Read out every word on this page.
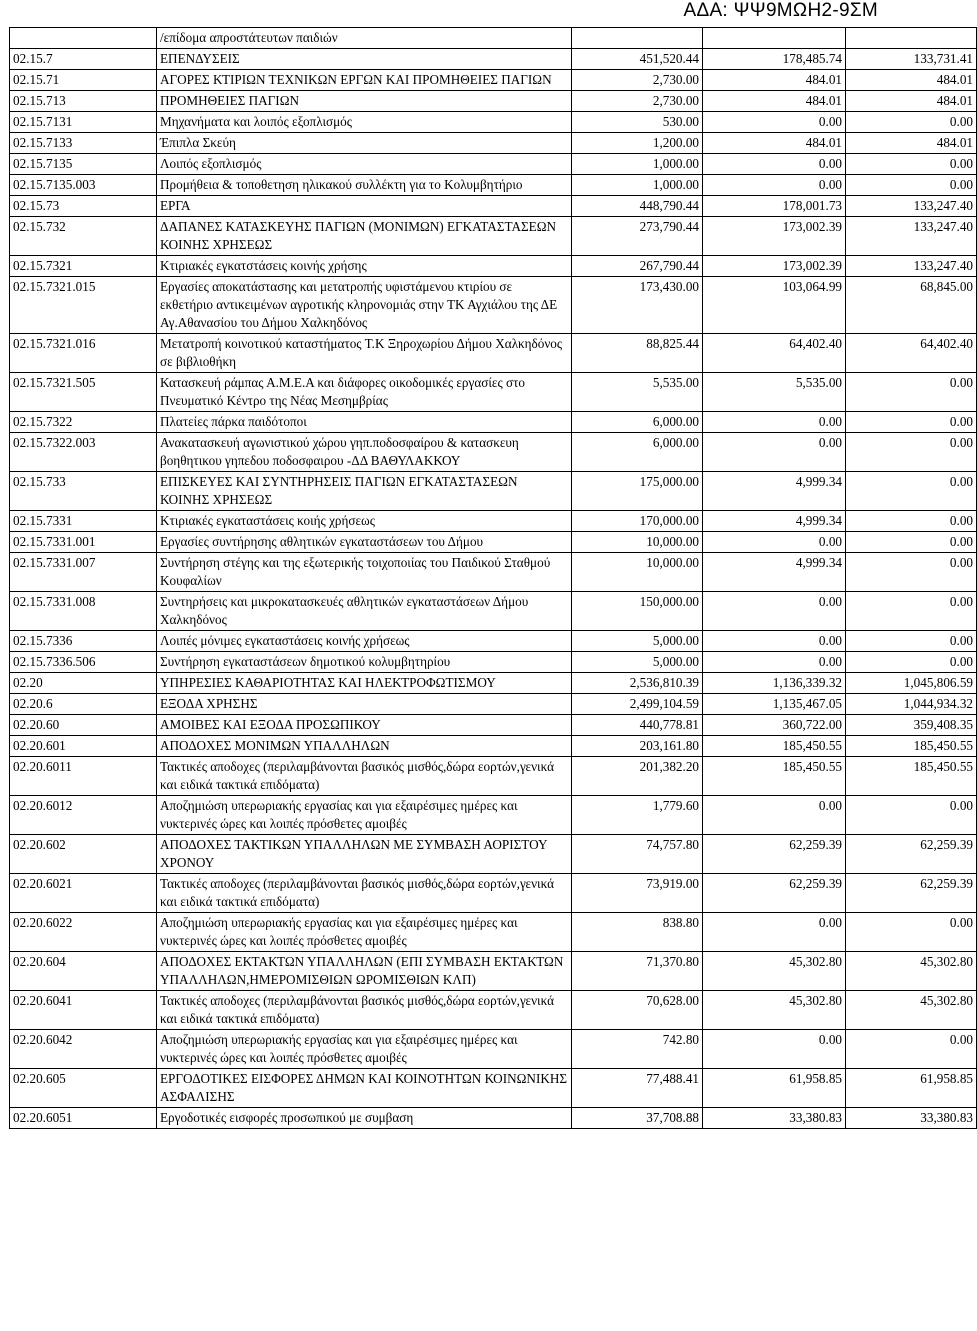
ΑΔΑ: ΨΨ9ΜΩΗ2-9ΣΜ
	/επίδομα απροστάτευτων παιδιών			
02.15.7	ΕΠΕΝΔΥΣΕΙΣ	451,520.44	178,485.74	133,731.41
02.15.71	ΑΓΟΡΕΣ ΚΤΙΡΙΩΝ ΤΕΧΝΙΚΩΝ ΕΡΓΩΝ ΚΑΙ ΠΡΟΜΗΘΕΙΕΣ ΠΑΓΙΩΝ	2,730.00	484.01	484.01
02.15.713	ΠΡΟΜΗΘΕΙΕΣ ΠΑΓΙΩΝ	2,730.00	484.01	484.01
02.15.7131	Μηχανήματα και λοιπός εξοπλισμός	530.00	0.00	0.00
02.15.7133	Έπιπλα Σκεύη	1,200.00	484.01	484.01
02.15.7135	Λοιπός εξοπλισμός	1,000.00	0.00	0.00
02.15.7135.003	Προμήθεια & τοποθετηση ηλικακού συλλέκτη για το Κολυμβητήριο	1,000.00	0.00	0.00
02.15.73	ΕΡΓΑ	448,790.44	178,001.73	133,247.40
02.15.732	ΔΑΠΑΝΕΣ ΚΑΤΑΣΚΕΥΗΣ ΠΑΓΙΩΝ (ΜΟΝΙΜΩΝ) ΕΓΚΑΤΑΣΤΑΣΕΩΝ ΚΟΙΝΗΣ ΧΡΗΣΕΩΣ	273,790.44	173,002.39	133,247.40
02.15.7321	Κτιριακές εγκατστάσεις κοινής χρήσης	267,790.44	173,002.39	133,247.40
02.15.7321.015	Εργασίες αποκατάστασης και μετατροπής υφιστάμενου κτιρίου σε εκθετήριο αντικειμένων αγροτικής κληρονομιάς στην ΤΚ Αγχιάλου της ΔΕ Αγ.Αθανασίου του Δήμου Χαλκηδόνος	173,430.00	103,064.99	68,845.00
02.15.7321.016	Μετατροπή κοινοτικού καταστήματος Τ.Κ Ξηροχωρίου Δήμου Χαλκηδόνος σε βιβλιοθήκη	88,825.44	64,402.40	64,402.40
02.15.7321.505	Κατασκευή ράμπας Α.Μ.Ε.Α και διάφορες οικοδομικές εργασίες στο Πνευματικό Κέντρο της Νέας Μεσημβρίας	5,535.00	5,535.00	0.00
02.15.7322	Πλατείες πάρκα παιδότοποι	6,000.00	0.00	0.00
02.15.7322.003	Ανακατασκευή αγωνιστικού χώρου γηπ.ποδοσφαίρου & κατασκευη βοηθητικου γηπεδου ποδοσφαιρου -ΔΔ ΒΑΘΥΛΑΚΚΟΥ	6,000.00	0.00	0.00
02.15.733	ΕΠΙΣΚΕΥΕΣ ΚΑΙ ΣΥΝΤΗΡΗΣΕΙΣ ΠΑΓΙΩΝ ΕΓΚΑΤΑΣΤΑΣΕΩΝ ΚΟΙΝΗΣ ΧΡΗΣΕΩΣ	175,000.00	4,999.34	0.00
02.15.7331	Κτιριακές εγκαταστάσεις κοιής χρήσεως	170,000.00	4,999.34	0.00
02.15.7331.001	Εργασίες συντήρησης αθλητικών εγκαταστάσεων του Δήμου	10,000.00	0.00	0.00
02.15.7331.007	Συντήρηση στέγης και της εξωτερικής τοιχοποιίας του Παιδικού Σταθμού Κουφαλίων	10,000.00	4,999.34	0.00
02.15.7331.008	Συντηρήσεις και μικροκατασκευές αθλητικών εγκαταστάσεων Δήμου Χαλκηδόνος	150,000.00	0.00	0.00
02.15.7336	Λοιπές μόνιμες εγκαταστάσεις κοινής χρήσεως	5,000.00	0.00	0.00
02.15.7336.506	Συντήρηση εγκαταστάσεων δημοτικού κολυμβητηρίου	5,000.00	0.00	0.00
02.20	ΥΠΗΡΕΣΙΕΣ ΚΑΘΑΡΙΟΤΗΤΑΣ ΚΑΙ ΗΛΕΚΤΡΟΦΩΤΙΣΜΟΥ	2,536,810.39	1,136,339.32	1,045,806.59
02.20.6	ΕΞΟΔΑ ΧΡΗΣΗΣ	2,499,104.59	1,135,467.05	1,044,934.32
02.20.60	ΑΜΟΙΒΕΣ ΚΑΙ ΕΞΟΔΑ ΠΡΟΣΩΠΙΚΟΥ	440,778.81	360,722.00	359,408.35
02.20.601	ΑΠΟΔΟΧΕΣ ΜΟΝΙΜΩΝ ΥΠΑΛΛΗΛΩΝ	203,161.80	185,450.55	185,450.55
02.20.6011	Τακτικές αποδοχες (περιλαμβάνονται βασικός μισθός,δώρα εορτών,γενικά και ειδικά τακτικά επιδόματα)	201,382.20	185,450.55	185,450.55
02.20.6012	Αποζημιώση υπερωριακής εργασίας και για εξαιρέσιμες ημέρες και νυκτερινές ώρες και λοιπές πρόσθετες αμοιβές	1,779.60	0.00	0.00
02.20.602	ΑΠΟΔΟΧΕΣ ΤΑΚΤΙΚΩΝ ΥΠΑΛΛΗΛΩΝ ΜΕ ΣΥΜΒΑΣΗ ΑΟΡΙΣΤΟΥ ΧΡΟΝΟΥ	74,757.80	62,259.39	62,259.39
02.20.6021	Τακτικές αποδοχες (περιλαμβάνονται βασικός μισθός,δώρα εορτών,γενικά και ειδικά τακτικά επιδόματα)	73,919.00	62,259.39	62,259.39
02.20.6022	Αποζημιώση υπερωριακής εργασίας και για εξαιρέσιμες ημέρες και νυκτερινές ώρες και λοιπές πρόσθετες αμοιβές	838.80	0.00	0.00
02.20.604	ΑΠΟΔΟΧΕΣ ΕΚΤΑΚΤΩΝ ΥΠΑΛΛΗΛΩΝ (ΕΠΙ ΣΥΜΒΑΣΗ ΕΚΤΑΚΤΩΝ ΥΠΑΛΛΗΛΩΝ,ΗΜΕΡΟΜΙΣΘΙΩΝ ΩΡΟΜΙΣΘΙΩΝ ΚΛΠ)	71,370.80	45,302.80	45,302.80
02.20.6041	Τακτικές αποδοχες (περιλαμβάνονται βασικός μισθός,δώρα εορτών,γενικά και ειδικά τακτικά επιδόματα)	70,628.00	45,302.80	45,302.80
02.20.6042	Αποζημιώση υπερωριακής εργασίας και για εξαιρέσιμες ημέρες και νυκτερινές ώρες και λοιπές πρόσθετες αμοιβές	742.80	0.00	0.00
02.20.605	ΕΡΓΟΔΟΤΙΚΕΣ ΕΙΣΦΟΡΕΣ ΔΗΜΩΝ ΚΑΙ ΚΟΙΝΟΤΗΤΩΝ ΚΟΙΝΩΝΙΚΗΣ ΑΣΦΑΛΙΣΗΣ	77,488.41	61,958.85	61,958.85
02.20.6051	Εργοδοτικές εισφορές προσωπικού με συμβαση	37,708.88	33,380.83	33,380.83
